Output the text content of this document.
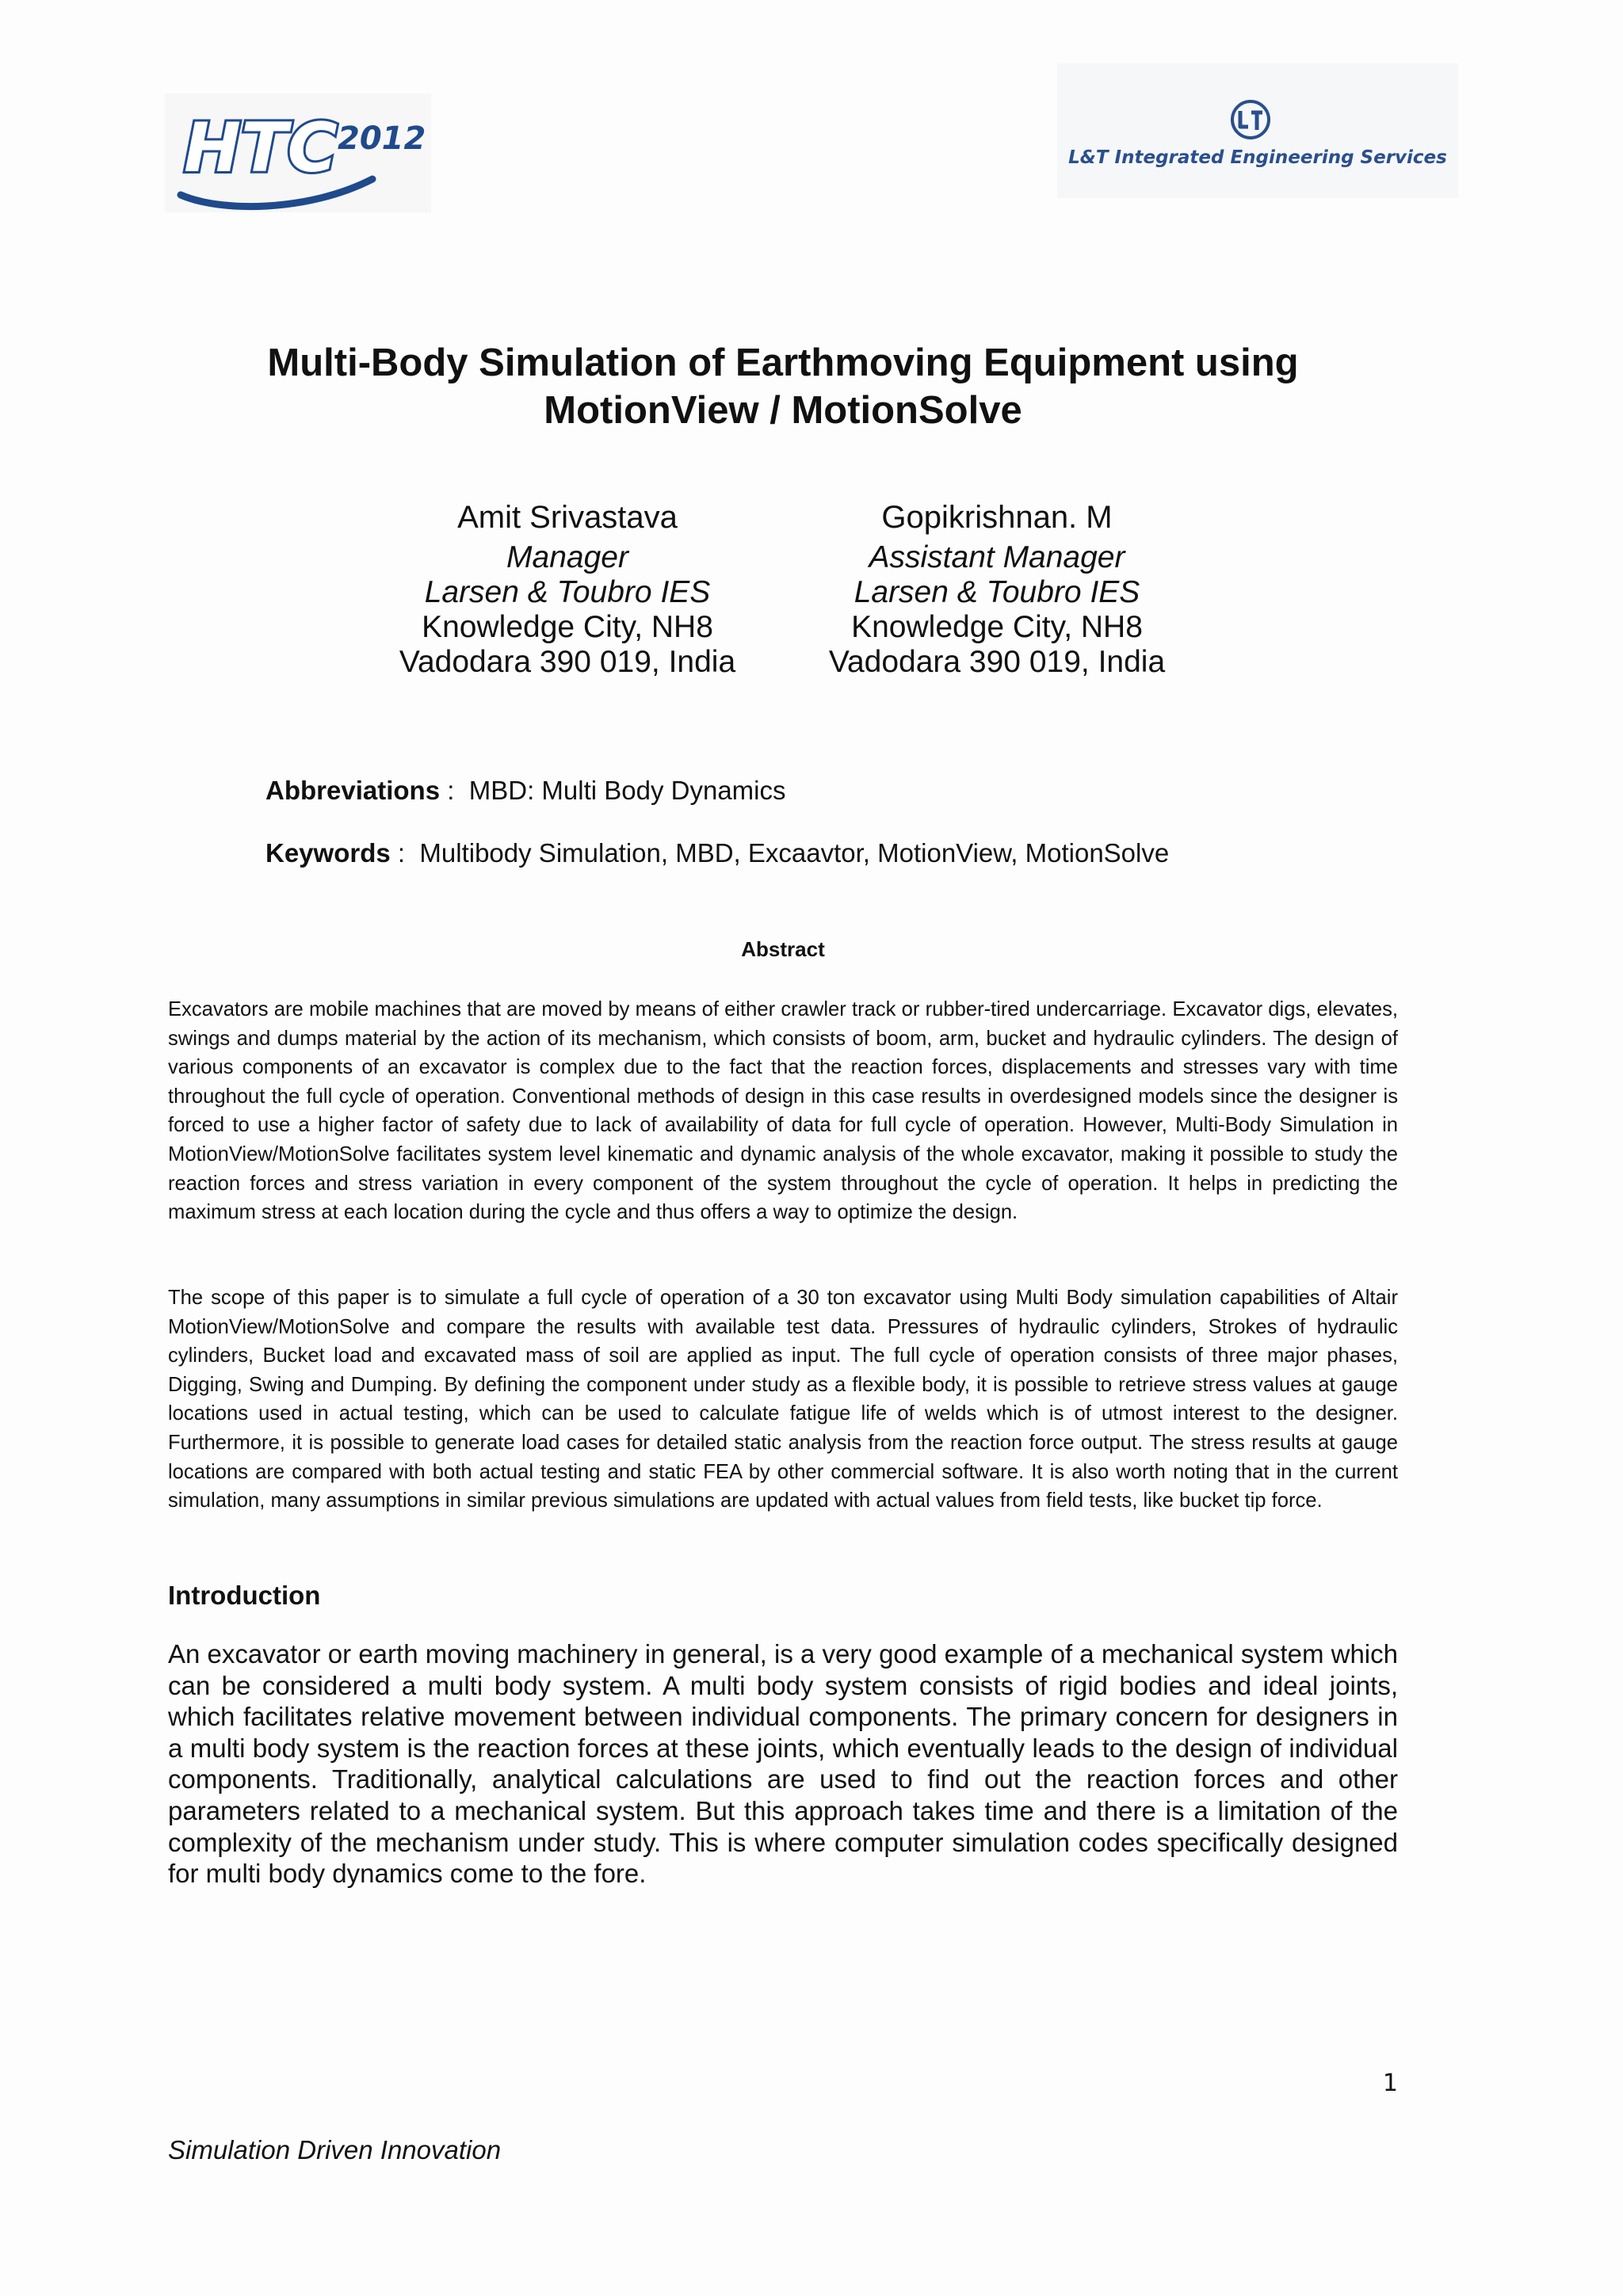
HTC 2012
L&T Integrated Engineering Services
Multi-Body Simulation of Earthmoving Equipment using MotionView / MotionSolve
Amit Srivastava
Manager
Larsen & Toubro IES
Knowledge City, NH8
Vadodara 390 019, India
Gopikrishnan. M
Assistant Manager
Larsen & Toubro IES
Knowledge City, NH8
Vadodara 390 019, India
Abbreviations :  MBD: Multi Body Dynamics
Keywords :  Multibody Simulation, MBD, Excaavtor, MotionView, MotionSolve
Abstract
Excavators are mobile machines that are moved by means of either crawler track or rubber-tired undercarriage. Excavator digs, elevates, swings and dumps material by the action of its mechanism, which consists of boom, arm, bucket and hydraulic cylinders. The design of various components of an excavator is complex due to the fact that the reaction forces, displacements and stresses vary with time throughout the full cycle of operation. Conventional methods of design in this case results in overdesigned models since the designer is forced to use a higher factor of safety due to lack of availability of data for full cycle of operation. However, Multi-Body Simulation in MotionView/MotionSolve facilitates system level kinematic and dynamic analysis of the whole excavator, making it possible to study the reaction forces and stress variation in every component of the system throughout the cycle of operation. It helps in predicting the maximum stress at each location during the cycle and thus offers a way to optimize the design.
The scope of this paper is to simulate a full cycle of operation of a 30 ton excavator using Multi Body simulation capabilities of Altair MotionView/MotionSolve and compare the results with available test data. Pressures of hydraulic cylinders, Strokes of hydraulic cylinders, Bucket load and excavated mass of soil are applied as input. The full cycle of operation consists of three major phases, Digging, Swing and Dumping. By defining the component under study as a flexible body, it is possible to retrieve stress values at gauge locations used in actual testing, which can be used to calculate fatigue life of welds which is of utmost interest to the designer. Furthermore, it is possible to generate load cases for detailed static analysis from the reaction force output. The stress results at gauge locations are compared with both actual testing and static FEA by other commercial software. It is also worth noting that in the current simulation, many assumptions in similar previous simulations are updated with actual values from field tests, like bucket tip force.
Introduction
An excavator or earth moving machinery in general, is a very good example of a mechanical system which can be considered a multi body system. A multi body system consists of rigid bodies and ideal joints, which facilitates relative movement between individual components. The primary concern for designers in a multi body system is the reaction forces at these joints, which eventually leads to the design of individual components. Traditionally, analytical calculations are used to find out the reaction forces and other parameters related to a mechanical system. But this approach takes time and there is a limitation of the complexity of the mechanism under study. This is where computer simulation codes specifically designed for multi body dynamics come to the fore.
1
Simulation Driven Innovation
